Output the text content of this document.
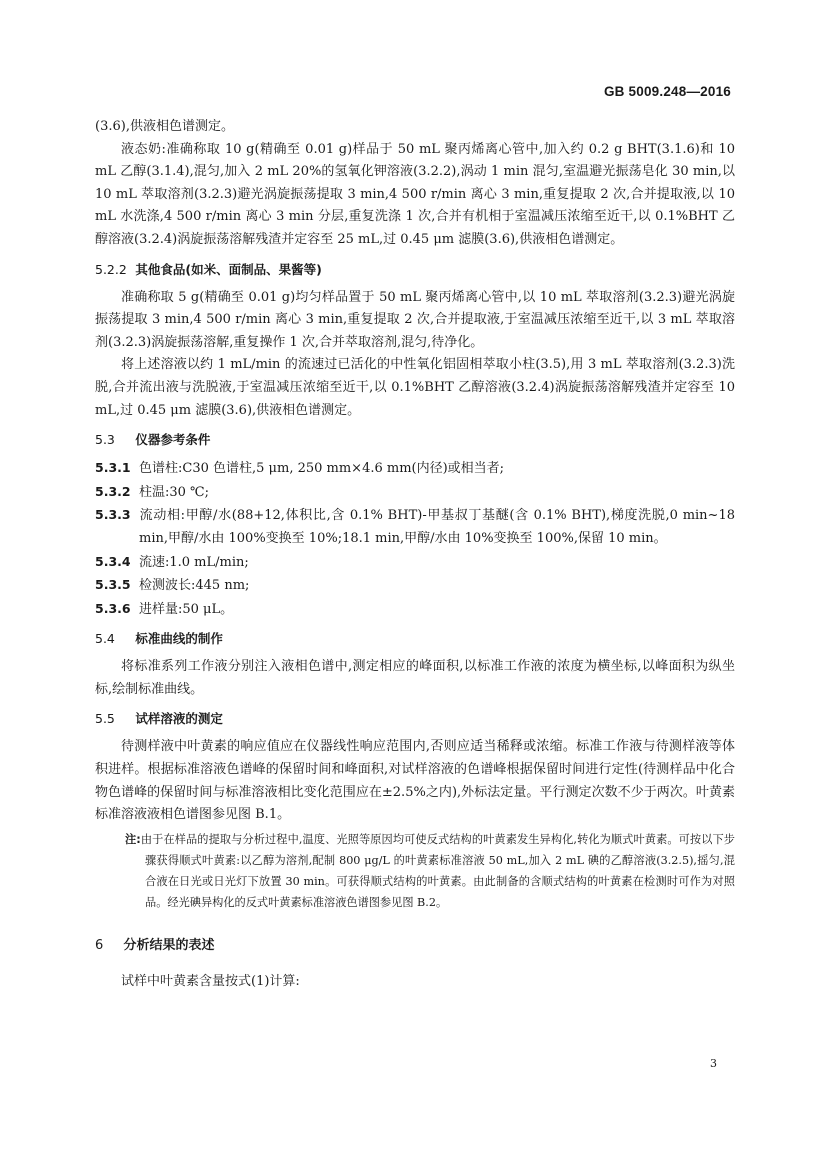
GB 5009.248—2016

(3.6),供液相色谱测定。

液态奶:准确称取 10 g(精确至 0.01 g)样品于 50 mL 聚丙烯离心管中,加入约 0.2 g BHT(3.1.6)和 10 mL 乙醇(3.1.4),混匀,加入 2 mL 20%的氢氧化钾溶液(3.2.2),涡动 1 min 混匀,室温避光振荡皂化 30 min,以 10 mL 萃取溶剂(3.2.3)避光涡旋振荡提取 3 min,4 500 r/min 离心 3 min,重复提取 2 次,合并提取液,以 10 mL 水洗涤,4 500 r/min 离心 3 min 分层,重复洗涤 1 次,合并有机相于室温减压浓缩至近干,以 0.1%BHT 乙醇溶液(3.2.4)涡旋振荡溶解残渣并定容至 25 mL,过 0.45 μm 滤膜(3.6),供液相色谱测定。

5.2.2 其他食品(如米、面制品、果酱等)

准确称取 5 g(精确至 0.01 g)均匀样品置于 50 mL 聚丙烯离心管中,以 10 mL 萃取溶剂(3.2.3)避光涡旋振荡提取 3 min,4 500 r/min 离心 3 min,重复提取 2 次,合并提取液,于室温减压浓缩至近干,以 3 mL 萃取溶剂(3.2.3)涡旋振荡溶解,重复操作 1 次,合并萃取溶剂,混匀,待净化。

将上述溶液以约 1 mL/min 的流速过已活化的中性氧化铝固相萃取小柱(3.5),用 3 mL 萃取溶剂(3.2.3)洗脱,合并流出液与洗脱液,于室温减压浓缩至近干,以 0.1%BHT 乙醇溶液(3.2.4)涡旋振荡溶解残渣并定容至 10 mL,过 0.45 μm 滤膜(3.6),供液相色谱测定。

5.3 仪器参考条件
5.3.1 色谱柱:C30 色谱柱,5 μm, 250 mm×4.6 mm(内径)或相当者;
5.3.2 柱温:30 ℃;

5.3.3 流动相:甲醇/水(88+12,体积比,含 0.1% BHT)-甲基叔丁基醚(含 0.1% BHT),梯度洗脱,0 min~18 min,甲醇/水由 100%变换至 10%;18.1 min,甲醇/水由 10%变换至 100%,保留 10 min。

5.3.4 流速:1.0 mL/min;
5.3.5 检测波长:445 nm;
5.3.6 进样量:50 μL。
5.4 标准曲线的制作

将标准系列工作液分别注入液相色谱中,测定相应的峰面积,以标准工作液的浓度为横坐标,以峰面积为纵坐标,绘制标准曲线。

5.5 试样溶液的测定

待测样液中叶黄素的响应值应在仪器线性响应范围内,否则应适当稀释或浓缩。标准工作液与待测样液等体积进样。根据标准溶液色谱峰的保留时间和峰面积,对试样溶液的色谱峰根据保留时间进行定性(待测样品中化合物色谱峰的保留时间与标准溶液相比变化范围应在±2.5%之内),外标法定量。平行测定次数不少于两次。叶黄素标准溶液液相色谱图参见图 B.1。

注:由于在样品的提取与分析过程中,温度、光照等原因均可使反式结构的叶黄素发生异构化,转化为顺式叶黄素。可按以下步骤获得顺式叶黄素:以乙醇为溶剂,配制 800 μg/L 的叶黄素标准溶液 50 mL,加入 2 mL 碘的乙醇溶液(3.2.5),摇匀,混合液在日光或日光灯下放置 30 min。可获得顺式结构的叶黄素。由此制备的含顺式结构的叶黄素在检测时可作为对照品。经光碘异构化的反式叶黄素标准溶液色谱图参见图 B.2。

6 分析结果的表述

试样中叶黄素含量按式(1)计算:

3
